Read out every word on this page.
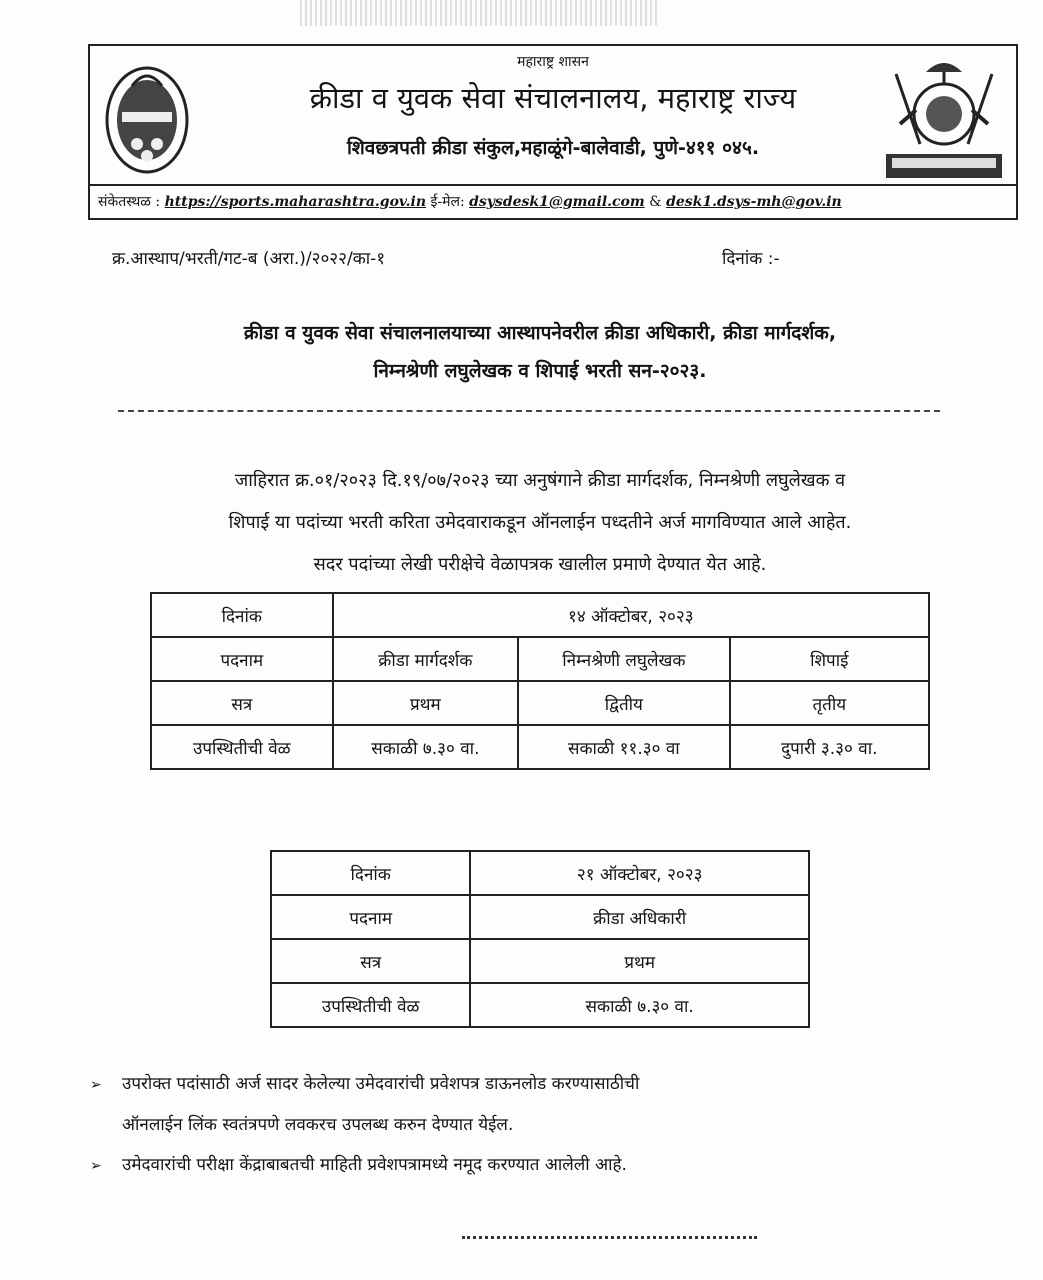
महाराष्ट्र शासन
क्रीडा व युवक सेवा संचालनालय, महाराष्ट्र राज्य
शिवछत्रपती क्रीडा संकुल,महाळूंगे-बालेवाडी, पुणे-४११ ०४५.
संकेतस्थळ : https://sports.maharashtra.gov.in ई-मेल: dsysdesk1@gmail.com & desk1.dsys-mh@gov.in
क्र.आस्थाप/भरती/गट-ब (अरा.)/२०२२/का-१	दिनांक :-
क्रीडा व युवक सेवा संचालनालयाच्या आस्थापनेवरील क्रीडा अधिकारी, क्रीडा मार्गदर्शक,
निम्नश्रेणी लघुलेखक व शिपाई भरती सन-२०२३.
जाहिरात क्र.०१/२०२३ दि.१९/०७/२०२३ च्या अनुषंगाने क्रीडा मार्गदर्शक, निम्नश्रेणी लघुलेखक व
शिपाई या पदांच्या भरती करिता उमेदवाराकडून ऑनलाईन पध्दतीने अर्ज मागविण्यात आले आहेत.
सदर पदांच्या लेखी परीक्षेचे वेळापत्रक खालील प्रमाणे देण्यात येत आहे.
दिनांक	१४ ऑक्टोबर, २०२३		
पदनाम	क्रीडा मार्गदर्शक	निम्नश्रेणी लघुलेखक	शिपाई
सत्र	प्रथम	द्वितीय	तृतीय
उपस्थितीची वेळ	सकाळी ७.३० वा.	सकाळी ११.३० वा	दुपारी ३.३० वा.
दिनांक	२१ ऑक्टोबर, २०२३
पदनाम	क्रीडा अधिकारी
सत्र	प्रथम
उपस्थितीची वेळ	सकाळी ७.३० वा.
➢ उपरोक्त पदांसाठी अर्ज सादर केलेल्या उमेदवारांची प्रवेशपत्र डाऊनलोड करण्यासाठीची
ऑनलाईन लिंक स्वतंत्रपणे लवकरच उपलब्ध करुन देण्यात येईल.
➢ उमेदवारांची परीक्षा केंद्राबाबतची माहिती प्रवेशपत्रामध्ये नमूद करण्यात आलेली आहे.
